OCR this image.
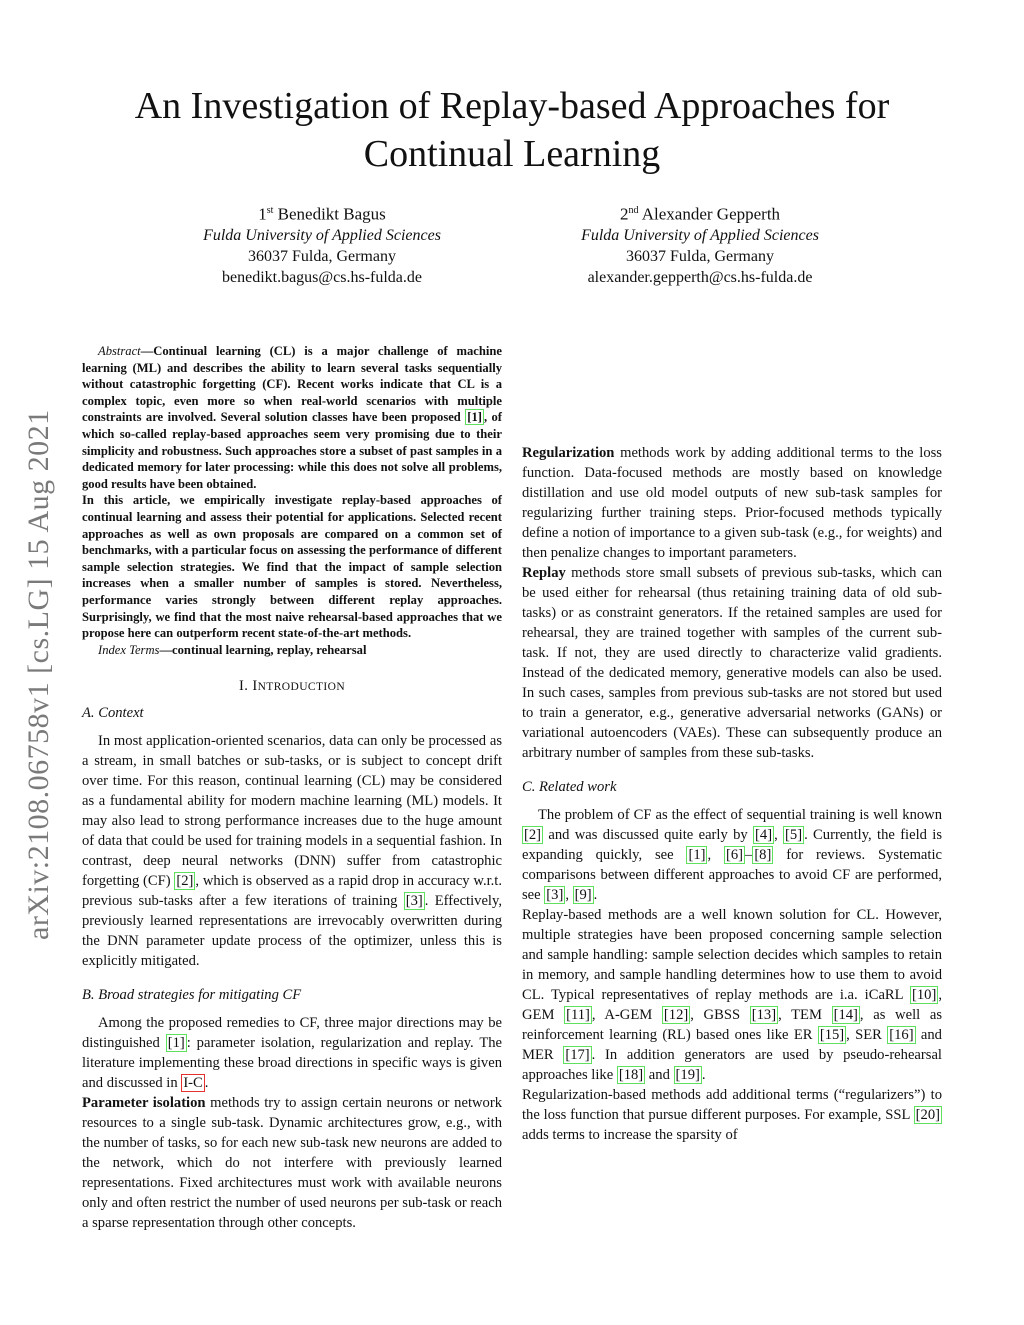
An Investigation of Replay-based Approaches for Continual Learning
1st Benedikt Bagus
Fulda University of Applied Sciences
36037 Fulda, Germany
benedikt.bagus@cs.hs-fulda.de
2nd Alexander Gepperth
Fulda University of Applied Sciences
36037 Fulda, Germany
alexander.gepperth@cs.hs-fulda.de
arXiv:2108.06758v1 [cs.LG] 15 Aug 2021

Abstract—Continual learning (CL) is a major challenge of machine learning (ML) and describes the ability to learn several tasks sequentially without catastrophic forgetting (CF). Recent works indicate that CL is a complex topic, even more so when real-world scenarios with multiple constraints are involved. Several solution classes have been proposed [1] , of which so-called replay-based approaches seem very promising due to their simplicity and robustness. Such approaches store a subset of past samples in a dedicated memory for later processing: while this does not solve all problems, good results have been obtained.

In this article, we empirically investigate replay-based approaches of continual learning and assess their potential for applications. Selected recent approaches as well as own proposals are compared on a common set of benchmarks, with a particular focus on assessing the performance of different sample selection strategies. We find that the impact of sample selection increases when a smaller number of samples is stored. Nevertheless, performance varies strongly between different replay approaches. Surprisingly, we find that the most naive rehearsal-based approaches that we propose here can outperform recent state-of-the-art methods.

Index Terms—continual learning, replay, rehearsal

I. INTRODUCTION
A. Context

In most application-oriented scenarios, data can only be processed as a stream, in small batches or sub-tasks, or is subject to concept drift over time. For this reason, continual learning (CL) may be considered as a fundamental ability for modern machine learning (ML) models. It may also lead to strong performance increases due to the huge amount of data that could be used for training models in a sequential fashion. In contrast, deep neural networks (DNN) suffer from catastrophic forgetting (CF) [2] , which is observed as a rapid drop in accuracy w.r.t. previous sub-tasks after a few iterations of training [3] . Effectively, previously learned representations are irrevocably overwritten during the DNN parameter update process of the optimizer, unless this is explicitly mitigated.

B. Broad strategies for mitigating CF

Among the proposed remedies to CF, three major directions may be distinguished [1] : parameter isolation, regularization and replay. The literature implementing these broad directions in specific ways is given and discussed in I-C .

Parameter isolation methods try to assign certain neurons or network resources to a single sub-task. Dynamic architectures grow, e.g., with the number of tasks, so for each new sub-task new neurons are added to the network, which do not interfere with previously learned representations. Fixed architectures must work with available neurons only and often restrict the number of used neurons per sub-task or reach a sparse representation through other concepts.

Regularization methods work by adding additional terms to the loss function. Data-focused methods are mostly based on knowledge distillation and use old model outputs of new sub-task samples for regularizing further training steps. Prior-focused methods typically define a notion of importance to a given sub-task (e.g., for weights) and then penalize changes to important parameters.

Replay methods store small subsets of previous sub-tasks, which can be used either for rehearsal (thus retaining training data of old sub-tasks) or as constraint generators. If the retained samples are used for rehearsal, they are trained together with samples of the current sub-task. If not, they are used directly to characterize valid gradients. Instead of the dedicated memory, generative models can also be used. In such cases, samples from previous sub-tasks are not stored but used to train a generator, e.g., generative adversarial networks (GANs) or variational autoencoders (VAEs). These can subsequently produce an arbitrary number of samples from these sub-tasks.

C. Related work

The problem of CF as the effect of sequential training is well known [2] and was discussed quite early by [4] , [5] . Currently, the field is expanding quickly, see [1] , [6] – [8] for reviews. Systematic comparisons between different approaches to avoid CF are performed, see [3] , [9] .

Replay-based methods are a well known solution for CL. However, multiple strategies have been proposed concerning sample selection and sample handling: sample selection decides which samples to retain in memory, and sample handling determines how to use them to avoid CL. Typical representatives of replay methods are i.a. iCaRL [10] , GEM [11] , A-GEM [12] , GBSS [13] , TEM [14] , as well as reinforcement learning (RL) based ones like ER [15] , SER [16] and MER [17] . In addition generators are used by pseudo-rehearsal approaches like [18] and [19] .

Regularization-based methods add additional terms (“regularizers”) to the loss function that pursue different purposes. For example, SSL [20] adds terms to increase the sparsity of
